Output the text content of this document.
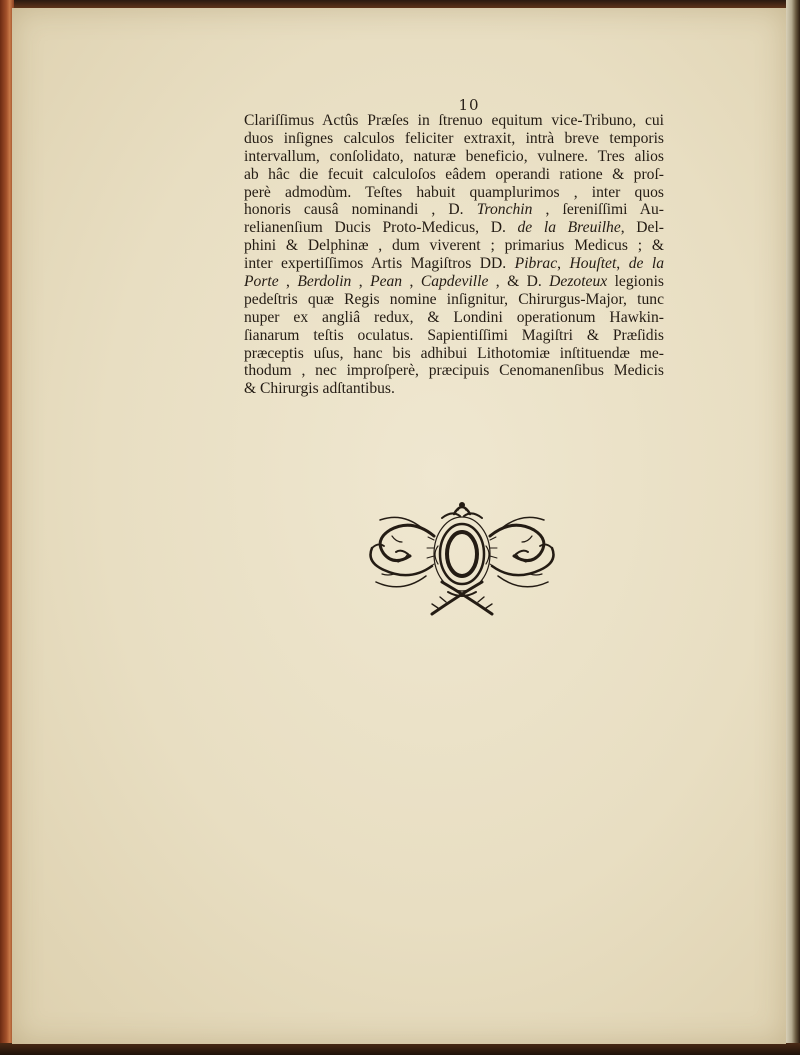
10
Clariſſimus Actûs Præſes in ſtrenuo equitum vice-Tribuno, cui
duos inſignes calculos feliciter extraxit, intrà breve temporis
intervallum, conſolidato, naturæ beneficio, vulnere. Tres alios
ab hâc die fecuit calculoſos eâdem operandi ratione & proſ-
perè admodùm. Teſtes habuit quamplurimos , inter quos
honoris causâ nominandi , D. Tronchin , ſereniſſimi Au-
relianenſium Ducis Proto-Medicus, D. de la Breuilhe, Del-
phini & Delphinæ , dum viverent ; primarius Medicus ; &
inter expertiſſimos Artis Magiſtros DD. Pibrac, Houſtet, de la
Porte , Berdolin , Pean , Capdeville , & D. Dezoteux legionis
pedeſtris quæ Regis nomine inſignitur, Chirurgus-Major, tunc
nuper ex angliâ redux, & Londini operationum Hawkin-
ſianarum teſtis oculatus. Sapientiſſimi Magiſtri & Præſidis
præceptis uſus, hanc bis adhibui Lithotomiæ inſtituendæ me-
thodum , nec improſperè, præcipuis Cenomanenſibus Medicis
& Chirurgis adſtantibus.
